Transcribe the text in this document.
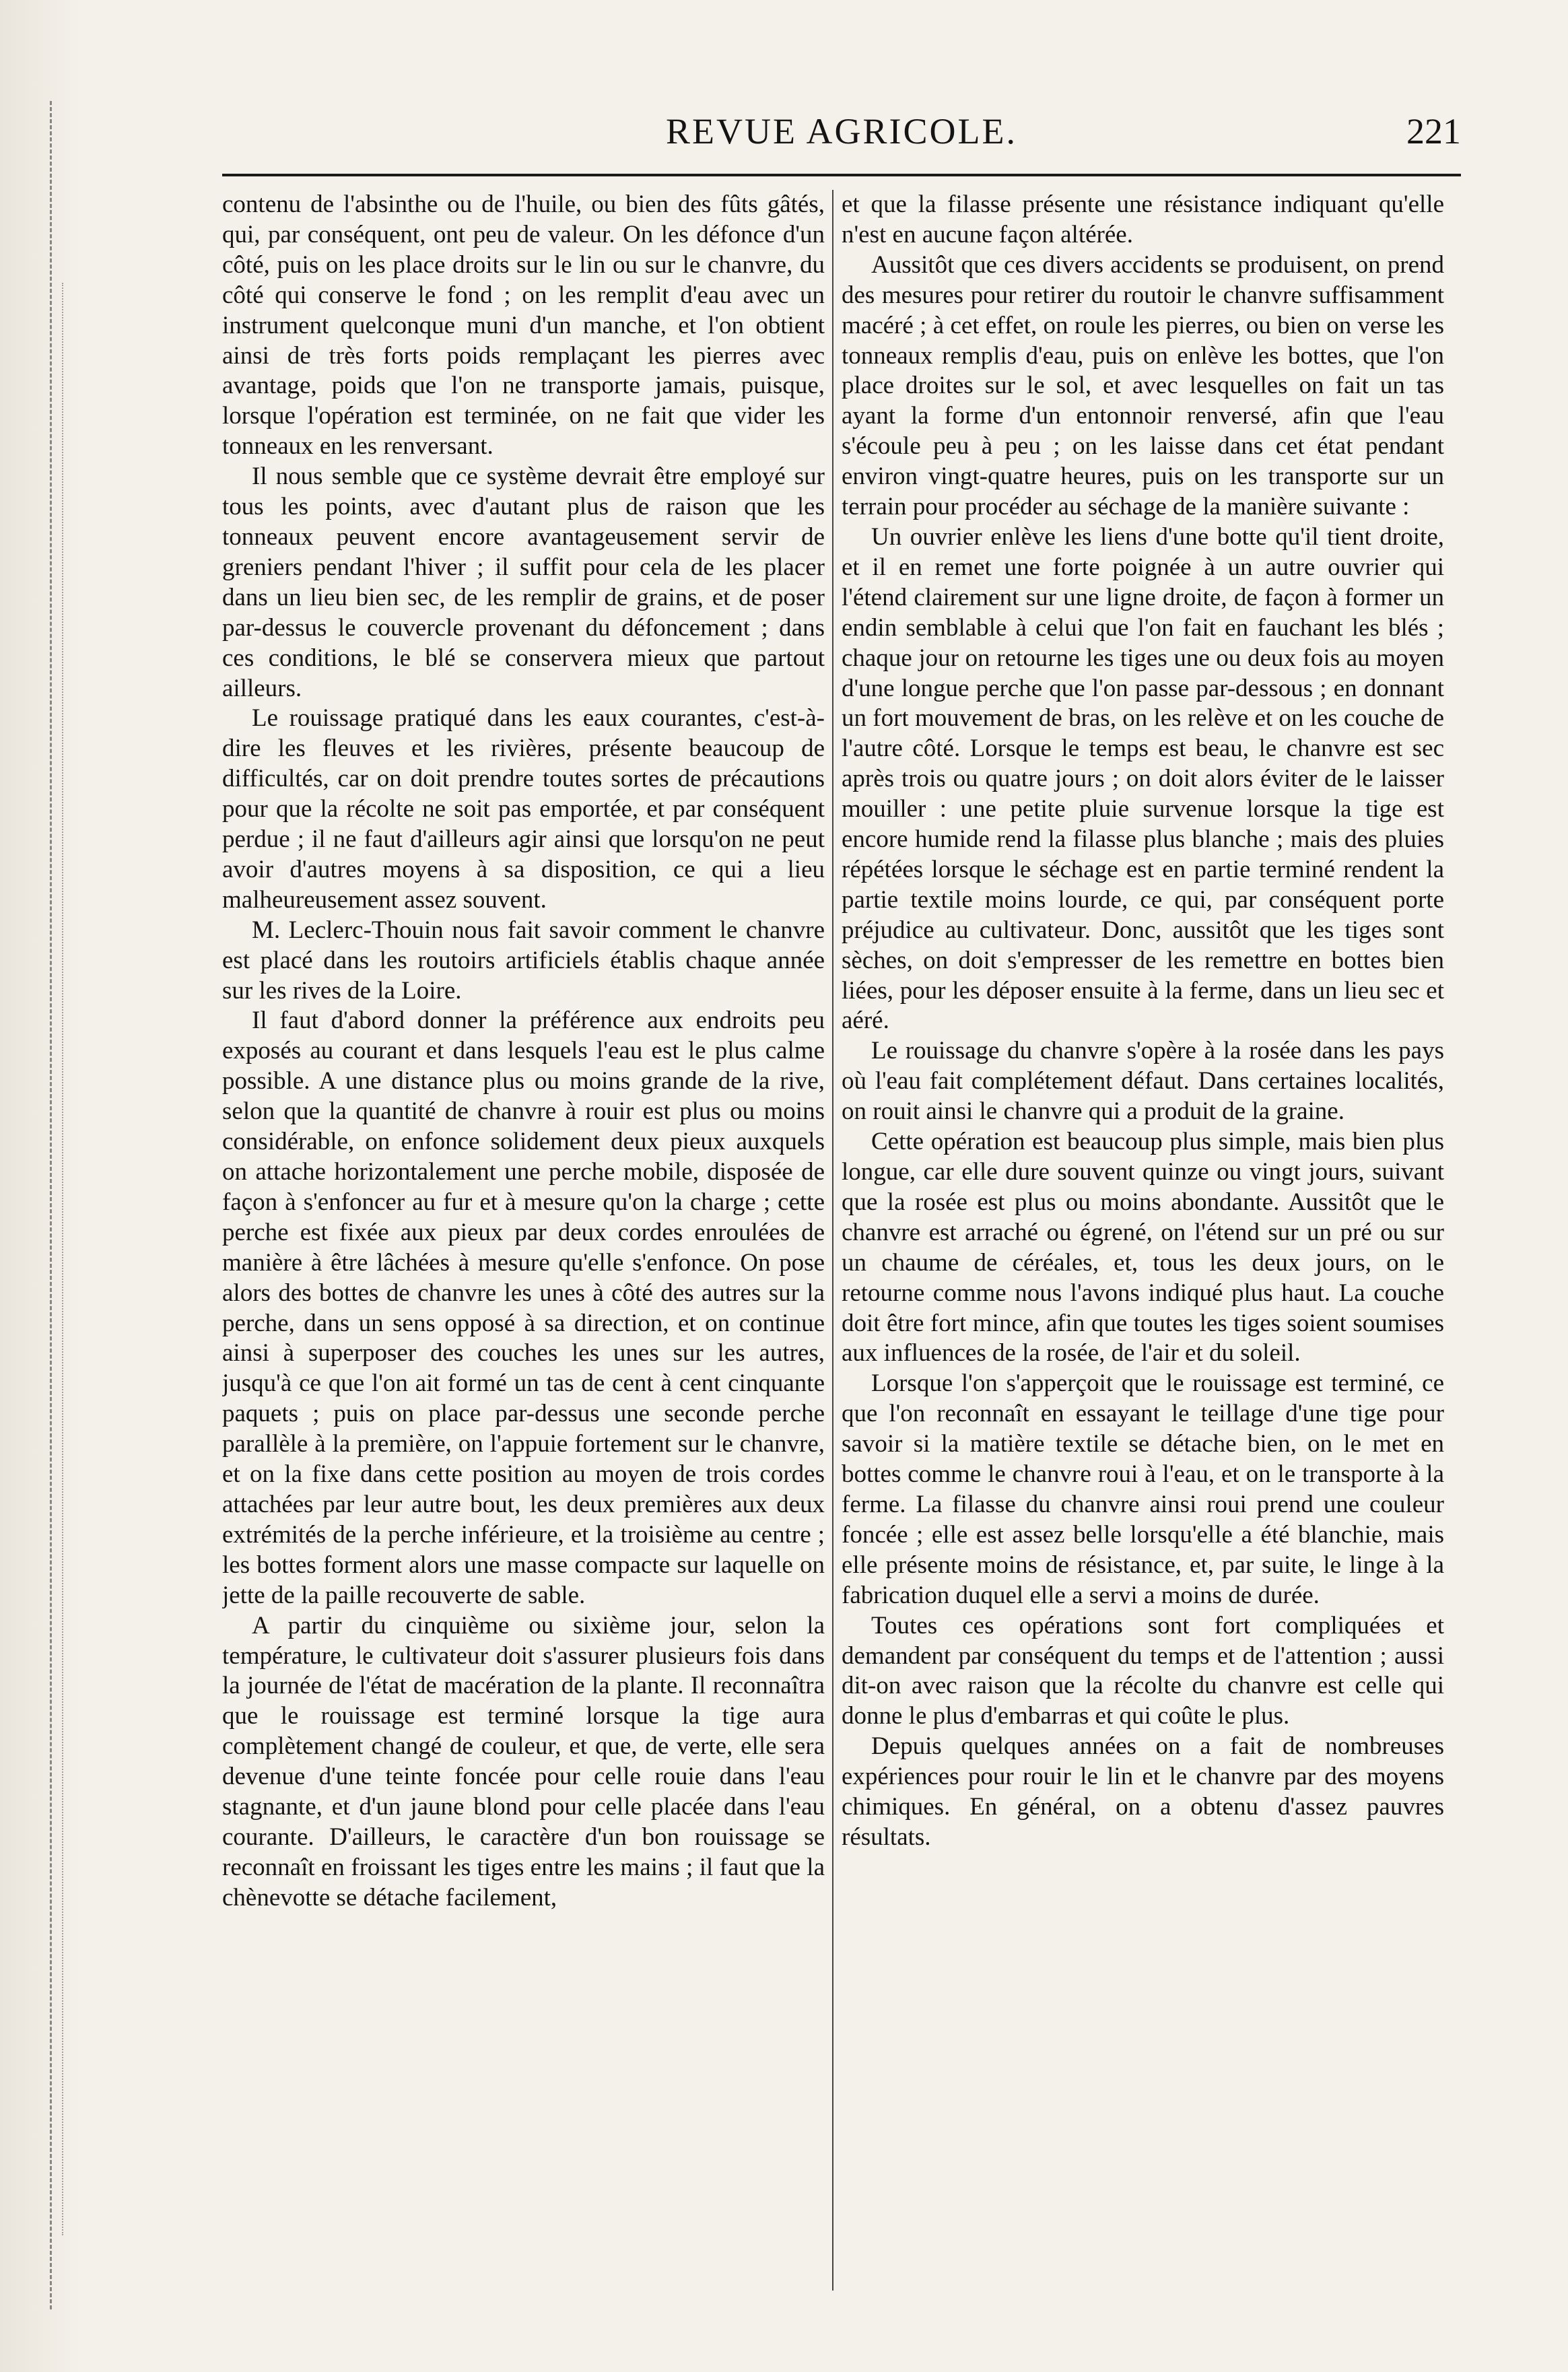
REVUE AGRICOLE.	221

contenu de l'absinthe ou de l'huile, ou bien des fûts gâtés, qui, par conséquent, ont peu de valeur. On les défonce d'un côté, puis on les place droits sur le lin ou sur le chanvre, du côté qui conserve le fond ; on les remplit d'eau avec un instrument quelconque muni d'un manche, et l'on obtient ainsi de très forts poids remplaçant les pierres avec avantage, poids que l'on ne transporte jamais, puisque, lorsque l'opération est terminée, on ne fait que vider les tonneaux en les renversant.

Il nous semble que ce système devrait être employé sur tous les points, avec d'autant plus de raison que les tonneaux peuvent encore avantageusement servir de greniers pendant l'hiver ; il suffit pour cela de les placer dans un lieu bien sec, de les remplir de grains, et de poser par-dessus le couvercle provenant du défoncement ; dans ces conditions, le blé se conservera mieux que partout ailleurs.

Le rouissage pratiqué dans les eaux courantes, c'est-à-dire les fleuves et les rivières, présente beaucoup de difficultés, car on doit prendre toutes sortes de précautions pour que la récolte ne soit pas emportée, et par conséquent perdue ; il ne faut d'ailleurs agir ainsi que lorsqu'on ne peut avoir d'autres moyens à sa disposition, ce qui a lieu malheureusement assez souvent.

M. Leclerc-Thouin nous fait savoir comment le chanvre est placé dans les routoirs artificiels établis chaque année sur les rives de la Loire.

Il faut d'abord donner la préférence aux endroits peu exposés au courant et dans lesquels l'eau est le plus calme possible. A une distance plus ou moins grande de la rive, selon que la quantité de chanvre à rouir est plus ou moins considérable, on enfonce solidement deux pieux auxquels on attache horizontalement une perche mobile, disposée de façon à s'enfoncer au fur et à mesure qu'on la charge ; cette perche est fixée aux pieux par deux cordes enroulées de manière à être lâchées à mesure qu'elle s'enfonce. On pose alors des bottes de chanvre les unes à côté des autres sur la perche, dans un sens opposé à sa direction, et on continue ainsi à superposer des couches les unes sur les autres, jusqu'à ce que l'on ait formé un tas de cent à cent cinquante paquets ; puis on place par-dessus une seconde perche parallèle à la première, on l'appuie fortement sur le chanvre, et on la fixe dans cette position au moyen de trois cordes attachées par leur autre bout, les deux premières aux deux extrémités de la perche inférieure, et la troisième au centre ; les bottes forment alors une masse compacte sur laquelle on jette de la paille recouverte de sable.

A partir du cinquième ou sixième jour, selon la température, le cultivateur doit s'assurer plusieurs fois dans la journée de l'état de macération de la plante. Il reconnaîtra que le rouissage est terminé lorsque la tige aura complètement changé de couleur, et que, de verte, elle sera devenue d'une teinte foncée pour celle rouie dans l'eau stagnante, et d'un jaune blond pour celle placée dans l'eau courante. D'ailleurs, le caractère d'un bon rouissage se reconnaît en froissant les tiges entre les mains ; il faut que la chènevotte se détache facilement,

et que la filasse présente une résistance indiquant qu'elle n'est en aucune façon altérée.

Aussitôt que ces divers accidents se produisent, on prend des mesures pour retirer du routoir le chanvre suffisamment macéré ; à cet effet, on roule les pierres, ou bien on verse les tonneaux remplis d'eau, puis on enlève les bottes, que l'on place droites sur le sol, et avec lesquelles on fait un tas ayant la forme d'un entonnoir renversé, afin que l'eau s'écoule peu à peu ; on les laisse dans cet état pendant environ vingt-quatre heures, puis on les transporte sur un terrain pour procéder au séchage de la manière suivante :

Un ouvrier enlève les liens d'une botte qu'il tient droite, et il en remet une forte poignée à un autre ouvrier qui l'étend clairement sur une ligne droite, de façon à former un endin semblable à celui que l'on fait en fauchant les blés ; chaque jour on retourne les tiges une ou deux fois au moyen d'une longue perche que l'on passe par-dessous ; en donnant un fort mouvement de bras, on les relève et on les couche de l'autre côté. Lorsque le temps est beau, le chanvre est sec après trois ou quatre jours ; on doit alors éviter de le laisser mouiller : une petite pluie survenue lorsque la tige est encore humide rend la filasse plus blanche ; mais des pluies répétées lorsque le séchage est en partie terminé rendent la partie textile moins lourde, ce qui, par conséquent porte préjudice au cultivateur. Donc, aussitôt que les tiges sont sèches, on doit s'empresser de les remettre en bottes bien liées, pour les déposer ensuite à la ferme, dans un lieu sec et aéré.

Le rouissage du chanvre s'opère à la rosée dans les pays où l'eau fait complétement défaut. Dans certaines localités, on rouit ainsi le chanvre qui a produit de la graine.

Cette opération est beaucoup plus simple, mais bien plus longue, car elle dure souvent quinze ou vingt jours, suivant que la rosée est plus ou moins abondante. Aussitôt que le chanvre est arraché ou égrené, on l'étend sur un pré ou sur un chaume de céréales, et, tous les deux jours, on le retourne comme nous l'avons indiqué plus haut. La couche doit être fort mince, afin que toutes les tiges soient soumises aux influences de la rosée, de l'air et du soleil.

Lorsque l'on s'apperçoit que le rouissage est terminé, ce que l'on reconnaît en essayant le teillage d'une tige pour savoir si la matière textile se détache bien, on le met en bottes comme le chanvre roui à l'eau, et on le transporte à la ferme. La filasse du chanvre ainsi roui prend une couleur foncée ; elle est assez belle lorsqu'elle a été blanchie, mais elle présente moins de résistance, et, par suite, le linge à la fabrication duquel elle a servi a moins de durée.

Toutes ces opérations sont fort compliquées et demandent par conséquent du temps et de l'attention ; aussi dit-on avec raison que la récolte du chanvre est celle qui donne le plus d'embarras et qui coûte le plus.

Depuis quelques années on a fait de nombreuses expériences pour rouir le lin et le chanvre par des moyens chimiques. En général, on a obtenu d'assez pauvres résultats.
